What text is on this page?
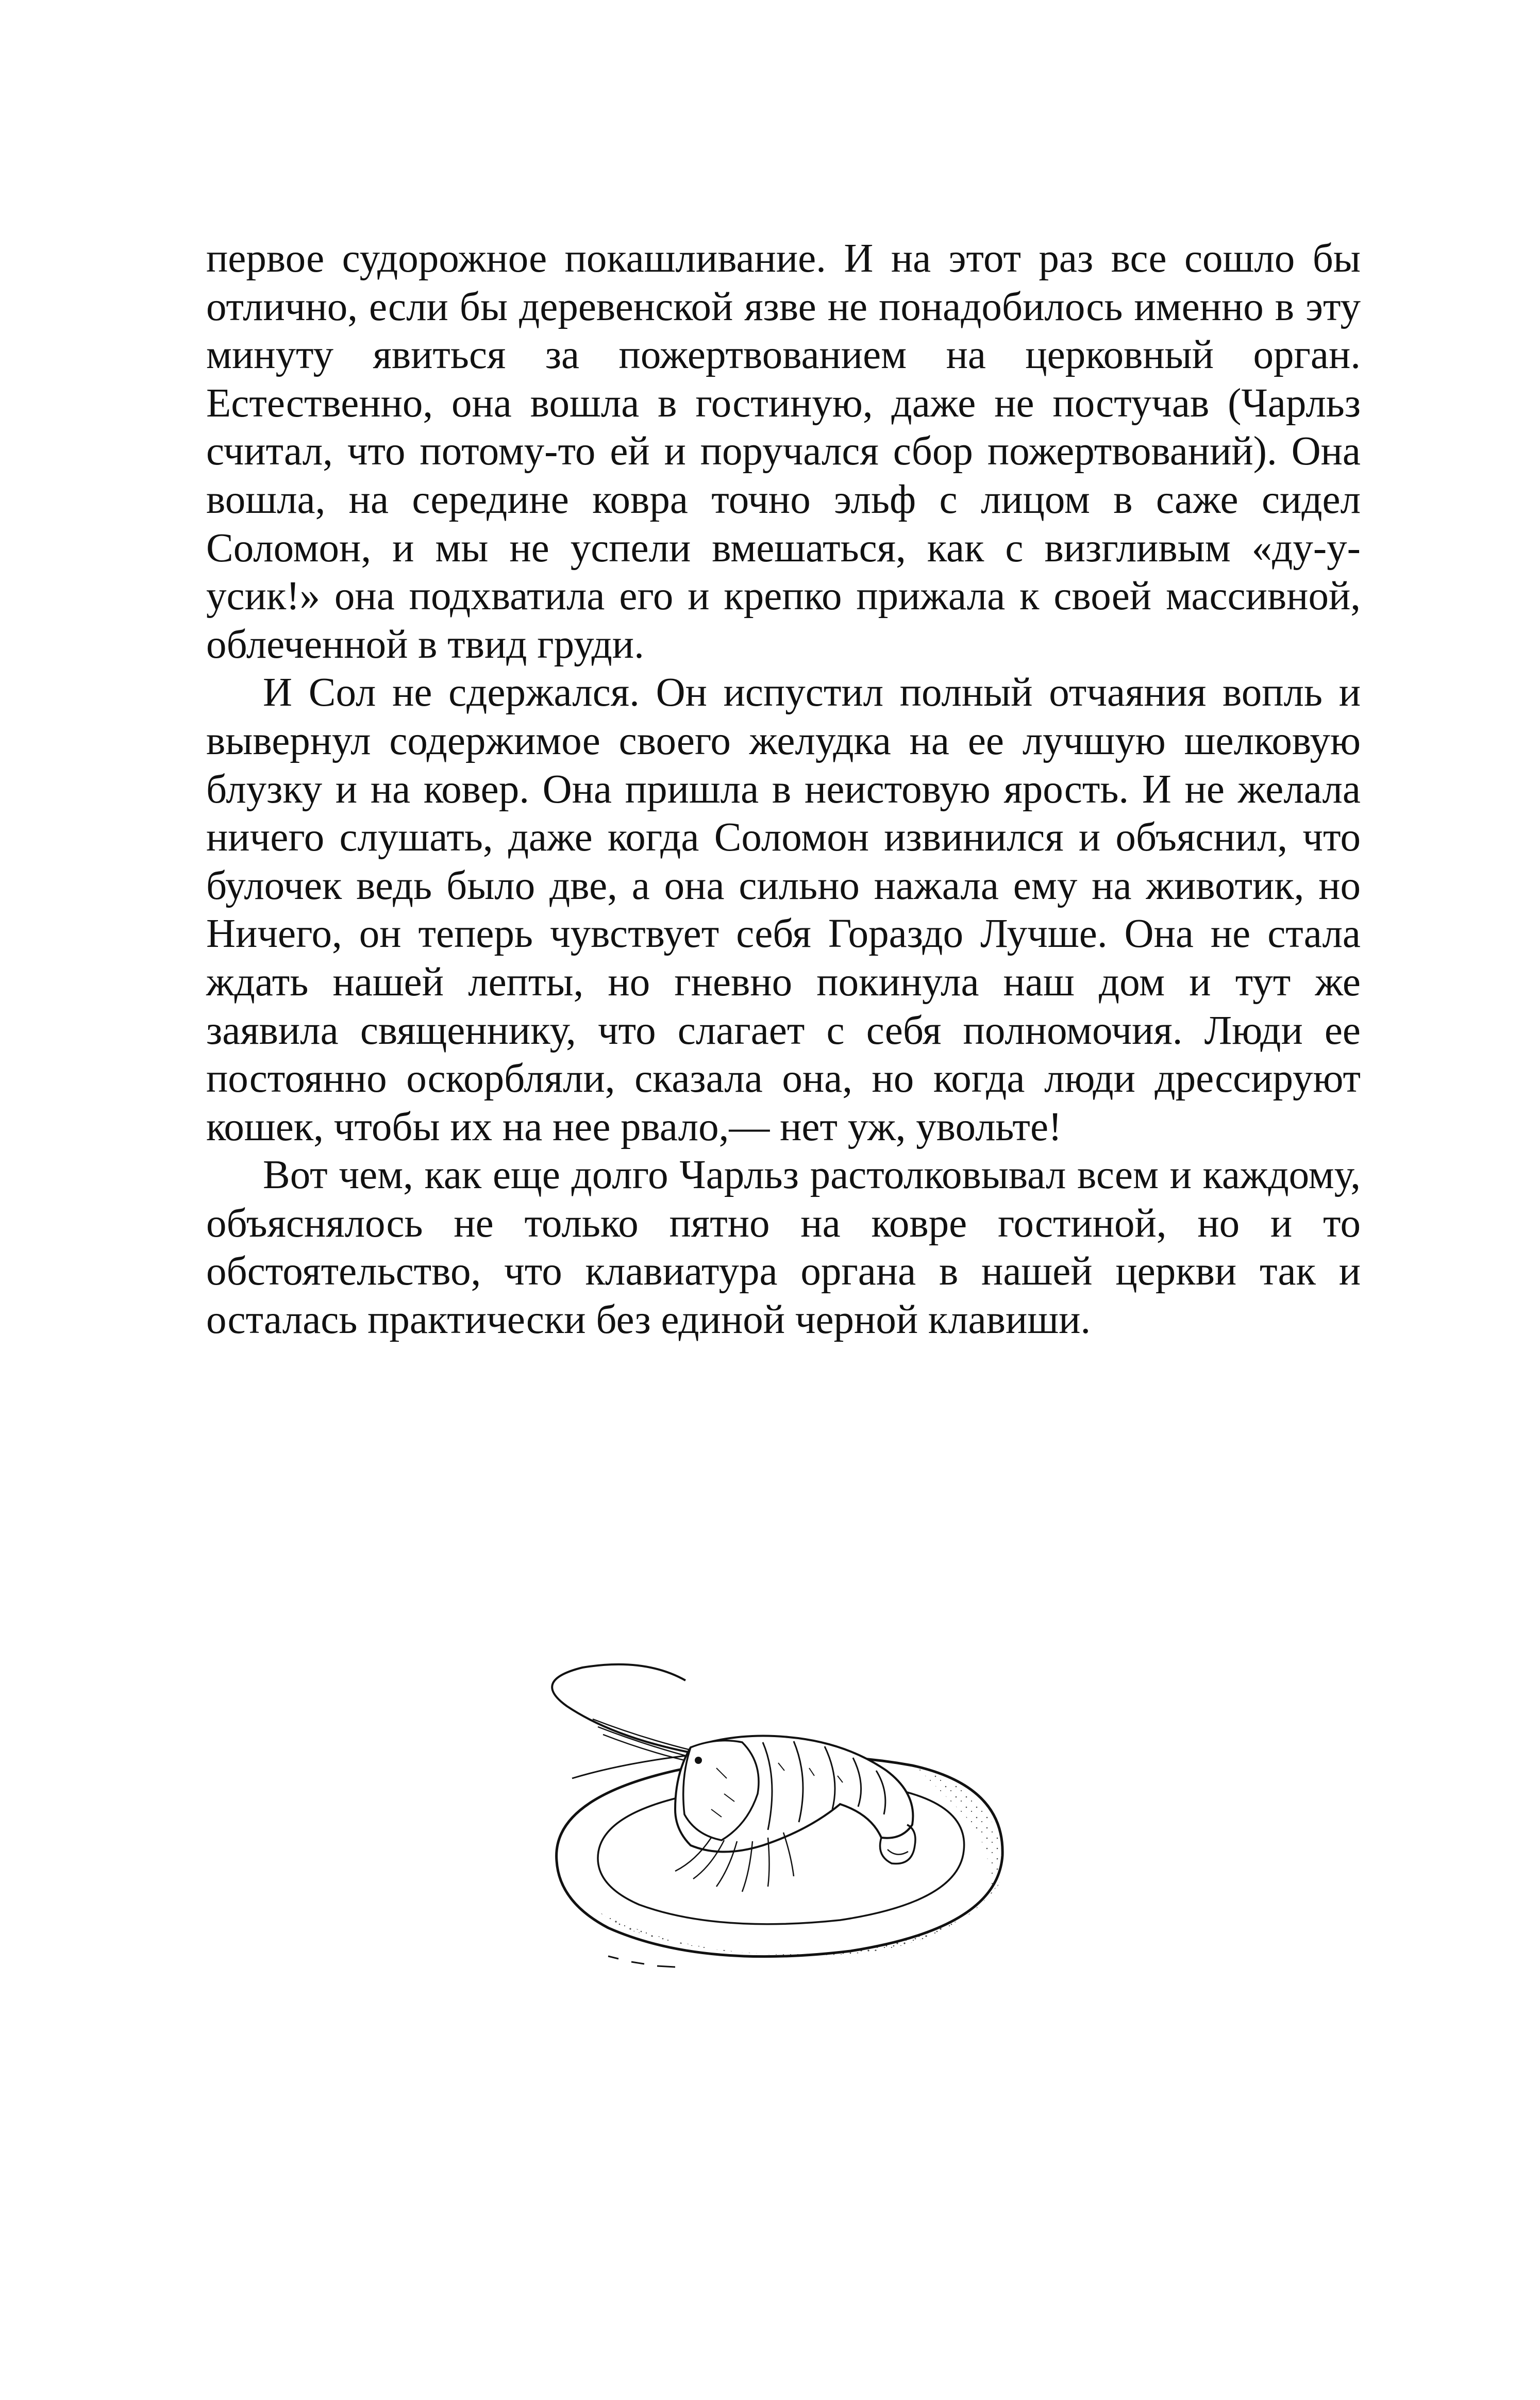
первое судорожное покашливание. И на этот раз все сошло бы отлично, если бы деревенской язве не понадобилось именно в эту минуту явиться за пожертвованием на церковный орган. Естественно, она вошла в гостиную, даже не постучав (Чарльз считал, что потому-то ей и поручался сбор пожертвований). Она вошла, на середине ковра точно эльф с лицом в саже сидел Соломон, и мы не успели вмешаться, как с визгливым «ду-у-усик!» она подхватила его и крепко прижала к своей массивной, облеченной в твид груди.

И Сол не сдержался. Он испустил полный отчаяния вопль и вывернул содержимое своего желудка на ее лучшую шелковую блузку и на ковер. Она пришла в неистовую ярость. И не желала ничего слушать, даже когда Соломон извинился и объяснил, что булочек ведь было две, а она сильно нажала ему на животик, но Ничего, он теперь чувствует себя Гораздо Лучше. Она не стала ждать нашей лепты, но гневно покинула наш дом и тут же заявила священнику, что слагает с себя полномочия. Люди ее постоянно оскорбляли, сказала она, но когда люди дрессируют кошек, чтобы их на нее рвало,— нет уж, увольте!

Вот чем, как еще долго Чарльз растолковывал всем и каждому, объяснялось не только пятно на ковре гостиной, но и то обстоятельство, что клавиатура органа в нашей церкви так и осталась практически без единой черной клавиши.
